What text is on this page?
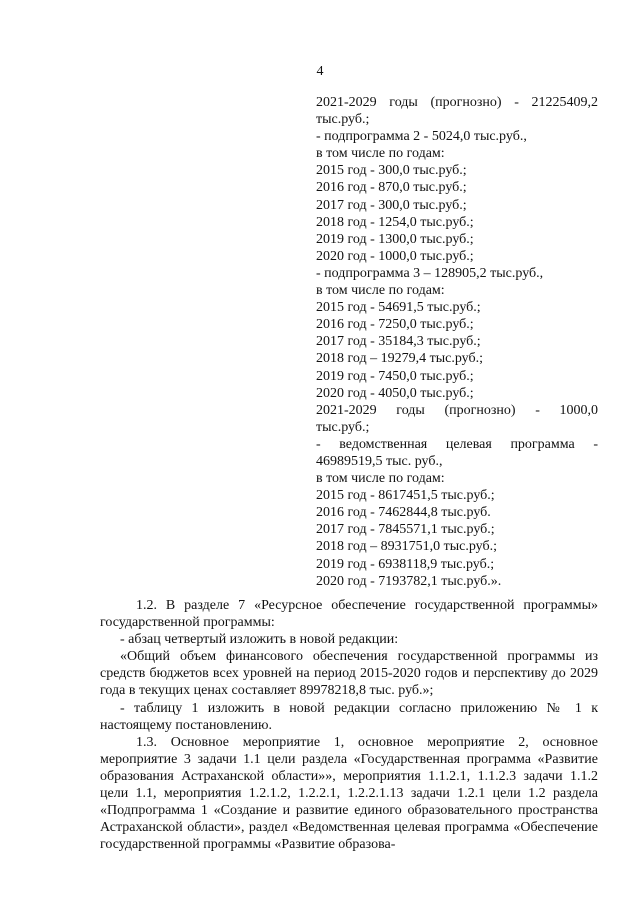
4
2021-2029 годы (прогнозно) - 21225409,2
тыс.руб.;
- подпрограмма 2 - 5024,0 тыс.руб.,
в том числе по годам:
2015 год - 300,0 тыс.руб.;
2016 год - 870,0 тыс.руб.;
2017 год - 300,0 тыс.руб.;
2018 год - 1254,0 тыс.руб.;
2019 год - 1300,0 тыс.руб.;
2020 год - 1000,0 тыс.руб.;
- подпрограмма 3 – 128905,2 тыс.руб.,
в том числе по годам:
2015 год - 54691,5 тыс.руб.;
2016 год - 7250,0 тыс.руб.;
2017 год - 35184,3 тыс.руб.;
2018 год – 19279,4 тыс.руб.;
2019 год - 7450,0 тыс.руб.;
2020 год - 4050,0 тыс.руб.;
2021-2029 годы (прогнозно) - 1000,0
тыс.руб.;
- ведомственная целевая программа -
46989519,5 тыс. руб.,
в том числе по годам:
2015 год - 8617451,5 тыс.руб.;
2016 год - 7462844,8 тыс.руб.
2017 год - 7845571,1 тыс.руб.;
2018 год – 8931751,0 тыс.руб.;
2019 год - 6938118,9 тыс.руб.;
2020 год - 7193782,1 тыс.руб.».
1.2. В разделе 7 «Ресурсное обеспечение государственной программы» государственной программы:
- абзац четвертый изложить в новой редакции:
«Общий объем финансового обеспечения государственной программы из средств бюджетов всех уровней на период 2015-2020 годов и перспективу до 2029 года в текущих ценах составляет 89978218,8 тыс. руб.»;
- таблицу 1 изложить в новой редакции согласно приложению № 1 к настоящему постановлению.
1.3. Основное мероприятие 1, основное мероприятие 2, основное мероприятие 3 задачи 1.1 цели раздела «Государственная программа «Развитие образования Астраханской области»», мероприятия 1.1.2.1, 1.1.2.3 задачи 1.1.2 цели 1.1, мероприятия 1.2.1.2, 1.2.2.1, 1.2.2.1.13 задачи 1.2.1 цели 1.2 раздела «Подпрограмма 1 «Создание и развитие единого образовательного пространства Астраханской области», раздел «Ведомственная целевая программа «Обеспечение государственной программы «Развитие образова-
